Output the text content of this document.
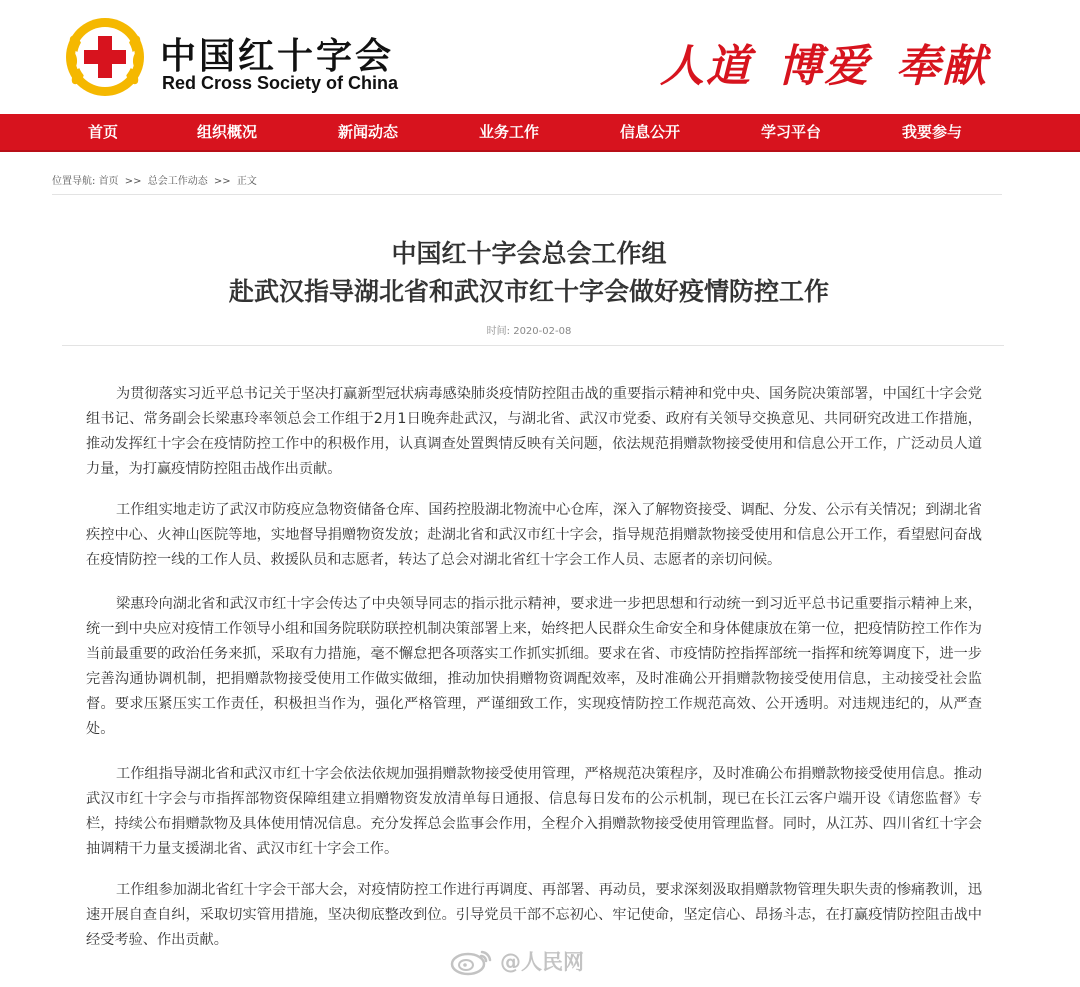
中国红十字会
Red Cross Society of China	人道 博爱 奉献
首页	组织概况	新闻动态	业务工作	信息公开	学习平台	我要参与
位置导航: 首页 >> 总会工作动态 >> 正文
中国红十字会总会工作组
赴武汉指导湖北省和武汉市红十字会做好疫情防控工作
时间: 2020-02-08

为贯彻落实习近平总书记关于坚决打赢新型冠状病毒感染肺炎疫情防控阻击战的重要指示精神和党中央、国务院决策部署，中国红十字会党组书记、常务副会长梁惠玲率领总会工作组于2月1日晚奔赴武汉，与湖北省、武汉市党委、政府有关领导交换意见、共同研究改进工作措施，推动发挥红十字会在疫情防控工作中的积极作用，认真调查处置舆情反映有关问题，依法规范捐赠款物接受使用和信息公开工作，广泛动员人道力量，为打赢疫情防控阻击战作出贡献。

工作组实地走访了武汉市防疫应急物资储备仓库、国药控股湖北物流中心仓库，深入了解物资接受、调配、分发、公示有关情况；到湖北省疾控中心、火神山医院等地，实地督导捐赠物资发放；赴湖北省和武汉市红十字会，指导规范捐赠款物接受使用和信息公开工作，看望慰问奋战在疫情防控一线的工作人员、救援队员和志愿者，转达了总会对湖北省红十字会工作人员、志愿者的亲切问候。

梁惠玲向湖北省和武汉市红十字会传达了中央领导同志的指示批示精神，要求进一步把思想和行动统一到习近平总书记重要指示精神上来，统一到中央应对疫情工作领导小组和国务院联防联控机制决策部署上来，始终把人民群众生命安全和身体健康放在第一位，把疫情防控工作作为当前最重要的政治任务来抓，采取有力措施，毫不懈怠把各项落实工作抓实抓细。要求在省、市疫情防控指挥部统一指挥和统筹调度下，进一步完善沟通协调机制，把捐赠款物接受使用工作做实做细，推动加快捐赠物资调配效率，及时准确公开捐赠款物接受使用信息，主动接受社会监督。要求压紧压实工作责任，积极担当作为，强化严格管理，严谨细致工作，实现疫情防控工作规范高效、公开透明。对违规违纪的，从严查处。

工作组指导湖北省和武汉市红十字会依法依规加强捐赠款物接受使用管理，严格规范决策程序，及时准确公布捐赠款物接受使用信息。推动武汉市红十字会与市指挥部物资保障组建立捐赠物资发放清单每日通报、信息每日发布的公示机制，现已在长江云客户端开设《请您监督》专栏，持续公布捐赠款物及具体使用情况信息。充分发挥总会监事会作用，全程介入捐赠款物接受使用管理监督。同时，从江苏、四川省红十字会抽调精干力量支援湖北省、武汉市红十字会工作。

工作组参加湖北省红十字会干部大会，对疫情防控工作进行再调度、再部署、再动员，要求深刻汲取捐赠款物管理失职失责的惨痛教训，迅速开展自查自纠，采取切实管用措施，坚决彻底整改到位。引导党员干部不忘初心、牢记使命，坚定信心、昂扬斗志，在打赢疫情防控阻击战中经受考验、作出贡献。

@人民网
